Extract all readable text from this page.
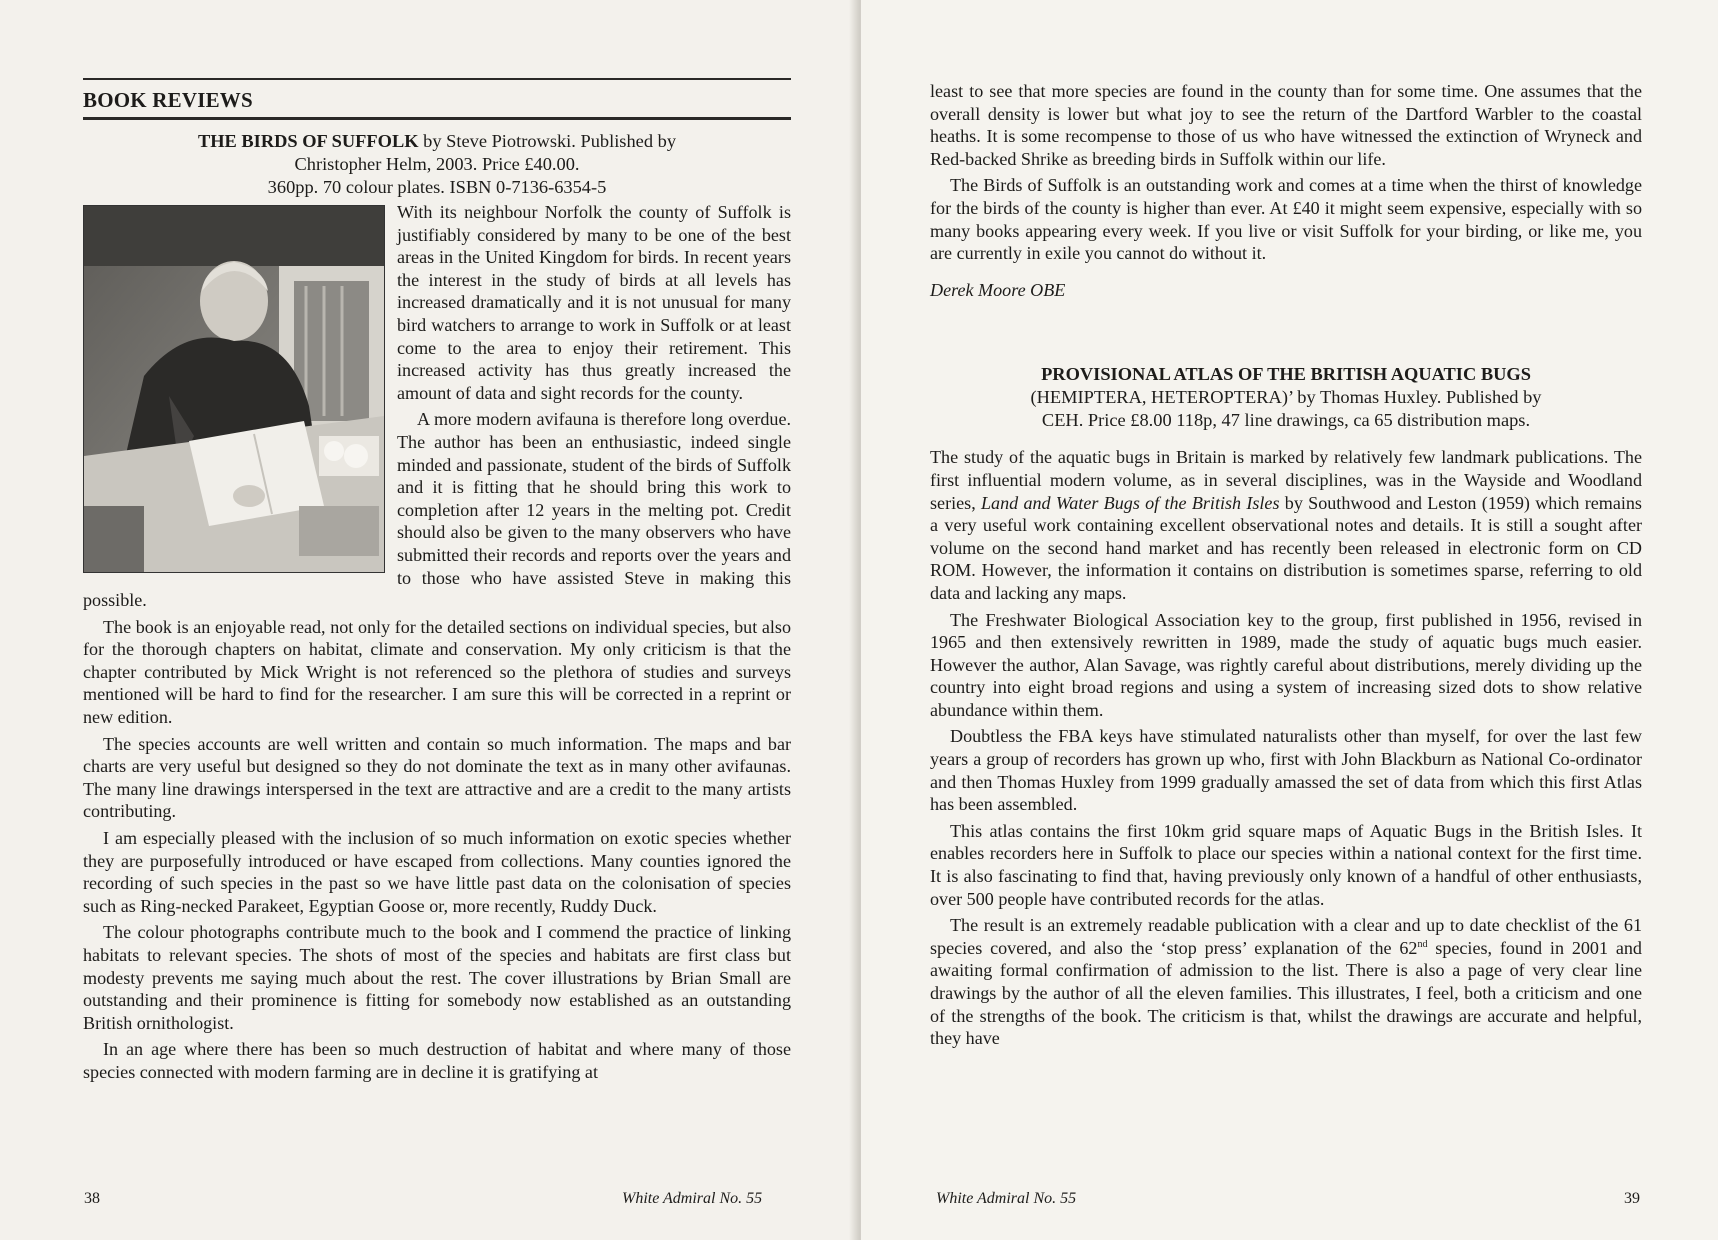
BOOK REVIEWS
THE BIRDS OF SUFFOLK by Steve Piotrowski. Published by
Christopher Helm, 2003. Price £40.00.
360pp. 70 colour plates. ISBN 0-7136-6354-5

With its neighbour Norfolk the county of Suffolk is justifiably considered by many to be one of the best areas in the United Kingdom for birds. In recent years the interest in the study of birds at all levels has increased dramatically and it is not unusual for many bird watchers to arrange to work in Suffolk or at least come to the area to enjoy their retirement. This increased activity has thus greatly increased the amount of data and sight records for the county.

A more modern avifauna is therefore long overdue. The author has been an enthusiastic, indeed single minded and passionate, student of the birds of Suffolk and it is fitting that he should bring this work to completion after 12 years in the melting pot. Credit should also be given to the many observers who have submitted their records and reports over the years and to those who have assisted Steve in making this possible.

The book is an enjoyable read, not only for the detailed sections on individual species, but also for the thorough chapters on habitat, climate and conservation. My only criticism is that the chapter contributed by Mick Wright is not referenced so the plethora of studies and surveys mentioned will be hard to find for the researcher. I am sure this will be corrected in a reprint or new edition.

The species accounts are well written and contain so much information. The maps and bar charts are very useful but designed so they do not dominate the text as in many other avifaunas. The many line drawings interspersed in the text are attractive and are a credit to the many artists contributing.

I am especially pleased with the inclusion of so much information on exotic species whether they are purposefully introduced or have escaped from collections. Many counties ignored the recording of such species in the past so we have little past data on the colonisation of species such as Ring-necked Parakeet, Egyptian Goose or, more recently, Ruddy Duck.

The colour photographs contribute much to the book and I commend the practice of linking habitats to relevant species. The shots of most of the species and habitats are first class but modesty prevents me saying much about the rest. The cover illustrations by Brian Small are outstanding and their prominence is fitting for somebody now established as an outstanding British ornithologist.

In an age where there has been so much destruction of habitat and where many of those species connected with modern farming are in decline it is gratifying at

38	White Admiral No. 55

least to see that more species are found in the county than for some time. One assumes that the overall density is lower but what joy to see the return of the Dartford Warbler to the coastal heaths. It is some recompense to those of us who have witnessed the extinction of Wryneck and Red-backed Shrike as breeding birds in Suffolk within our life.

The Birds of Suffolk is an outstanding work and comes at a time when the thirst of knowledge for the birds of the county is higher than ever. At £40 it might seem expensive, especially with so many books appearing every week. If you live or visit Suffolk for your birding, or like me, you are currently in exile you cannot do without it.

Derek Moore OBE

PROVISIONAL ATLAS OF THE BRITISH AQUATIC BUGS
(HEMIPTERA, HETEROPTERA)’ by Thomas Huxley. Published by
CEH. Price £8.00 118p, 47 line drawings, ca 65 distribution maps.

The study of the aquatic bugs in Britain is marked by relatively few landmark publications. The first influential modern volume, as in several disciplines, was in the Wayside and Woodland series, Land and Water Bugs of the British Isles by Southwood and Leston (1959) which remains a very useful work containing excellent observational notes and details. It is still a sought after volume on the second hand market and has recently been released in electronic form on CD ROM. However, the information it contains on distribution is sometimes sparse, referring to old data and lacking any maps.

The Freshwater Biological Association key to the group, first published in 1956, revised in 1965 and then extensively rewritten in 1989, made the study of aquatic bugs much easier. However the author, Alan Savage, was rightly careful about distributions, merely dividing up the country into eight broad regions and using a system of increasing sized dots to show relative abundance within them.

Doubtless the FBA keys have stimulated naturalists other than myself, for over the last few years a group of recorders has grown up who, first with John Blackburn as National Co-ordinator and then Thomas Huxley from 1999 gradually amassed the set of data from which this first Atlas has been assembled.

This atlas contains the first 10km grid square maps of Aquatic Bugs in the British Isles. It enables recorders here in Suffolk to place our species within a national context for the first time. It is also fascinating to find that, having previously only known of a handful of other enthusiasts, over 500 people have contributed records for the atlas.

The result is an extremely readable publication with a clear and up to date checklist of the 61 species covered, and also the ‘stop press’ explanation of the 62nd species, found in 2001 and awaiting formal confirmation of admission to the list. There is also a page of very clear line drawings by the author of all the eleven families. This illustrates, I feel, both a criticism and one of the strengths of the book. The criticism is that, whilst the drawings are accurate and helpful, they have

White Admiral No. 55	39
